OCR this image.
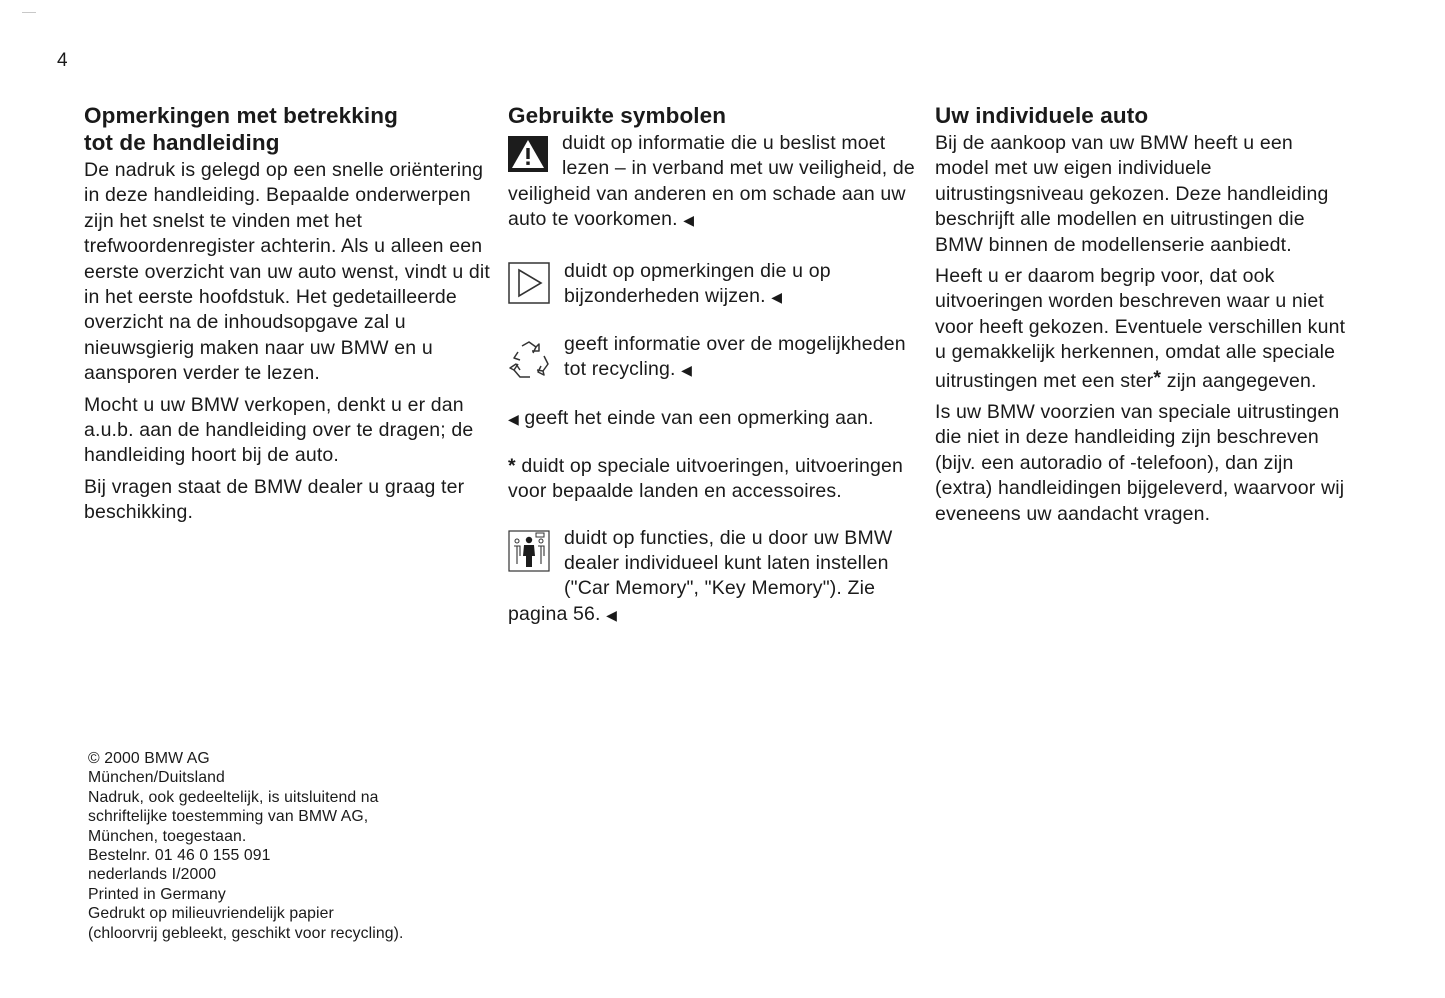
4
Opmerkingen met betrekking
tot de handleiding

De nadruk is gelegd op een snelle oriëntering in deze handleiding. Bepaalde onderwerpen zijn het snelst te vinden met het trefwoordenregister achterin. Als u alleen een eerste overzicht van uw auto wenst, vindt u dit in het eerste hoofdstuk. Het gedetailleerde overzicht na de inhoudsopgave zal u nieuwsgierig maken naar uw BMW en u aansporen verder te lezen.

Mocht u uw BMW verkopen, denkt u er dan a.u.b. aan de handleiding over te dragen; de handleiding hoort bij de auto.

Bij vragen staat de BMW dealer u graag ter beschikking.

Gebruikte symbolen
duidt op informatie die u beslist moet lezen – in verband met uw veiligheid, de veiligheid van anderen en om schade aan uw auto te voorkomen. ◀
duidt op opmerkingen die u op bijzonderheden wijzen. ◀
geeft informatie over de mogelijkheden tot recycling. ◀
◀ geeft het einde van een opmerking aan.
* duidt op speciale uitvoeringen, uitvoeringen voor bepaalde landen en accessoires.
duidt op functies, die u door uw BMW dealer individueel kunt laten instellen ("Car Memory", "Key Memory"). Zie pagina 56. ◀
Uw individuele auto

Bij de aankoop van uw BMW heeft u een model met uw eigen individuele uitrustingsniveau gekozen. Deze handleiding beschrijft alle modellen en uitrustingen die BMW binnen de modellenserie aanbiedt.

Heeft u er daarom begrip voor, dat ook uitvoeringen worden beschreven waar u niet voor heeft gekozen. Eventuele verschillen kunt u gemakkelijk herkennen, omdat alle speciale uitrustingen met een ster* zijn aangegeven.

Is uw BMW voorzien van speciale uitrustingen die niet in deze handleiding zijn beschreven (bijv. een autoradio of -telefoon), dan zijn (extra) handleidingen bijgeleverd, waarvoor wij eveneens uw aandacht vragen.

© 2000 BMW AG
München/Duitsland
Nadruk, ook gedeeltelijk, is uitsluitend na
schriftelijke toestemming van BMW AG,
München, toegestaan.
Bestelnr. 01 46 0 155 091
nederlands I/2000
Printed in Germany
Gedrukt op milieuvriendelijk papier
(chloorvrij gebleekt, geschikt voor recycling).
